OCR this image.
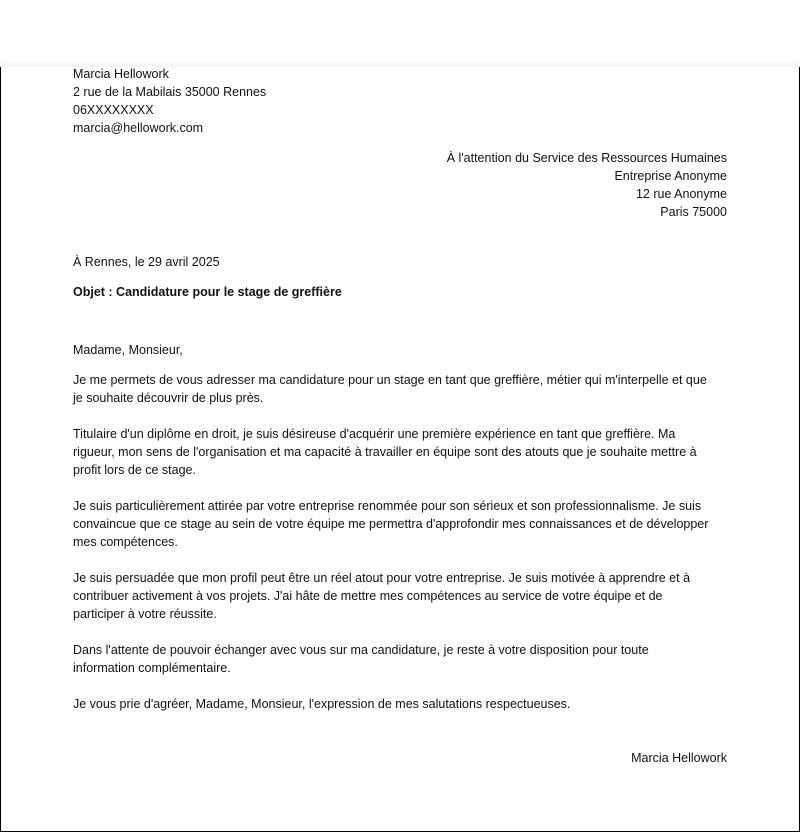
Marcia Hellowork
2 rue de la Mabilais 35000 Rennes
06XXXXXXXX
marcia@hellowork.com
À l'attention du Service des Ressources Humaines
Entreprise Anonyme
12 rue Anonyme
Paris 75000
À Rennes, le 29 avril 2025
Objet : Candidature pour le stage de greffière
Madame, Monsieur,
Je me permets de vous adresser ma candidature pour un stage en tant que greffière, métier qui m'interpelle et que
je souhaite découvrir de plus près.
Titulaire d'un diplôme en droit, je suis désireuse d'acquérir une première expérience en tant que greffière. Ma
rigueur, mon sens de l'organisation et ma capacité à travailler en équipe sont des atouts que je souhaite mettre à
profit lors de ce stage.
Je suis particulièrement attirée par votre entreprise renommée pour son sérieux et son professionnalisme. Je suis
convaincue que ce stage au sein de votre équipe me permettra d'approfondir mes connaissances et de développer
mes compétences.
Je suis persuadée que mon profil peut être un réel atout pour votre entreprise. Je suis motivée à apprendre et à
contribuer activement à vos projets. J'ai hâte de mettre mes compétences au service de votre équipe et de
participer à votre réussite.
Dans l'attente de pouvoir échanger avec vous sur ma candidature, je reste à votre disposition pour toute
information complémentaire.
Je vous prie d'agréer, Madame, Monsieur, l'expression de mes salutations respectueuses.
Marcia Hellowork
